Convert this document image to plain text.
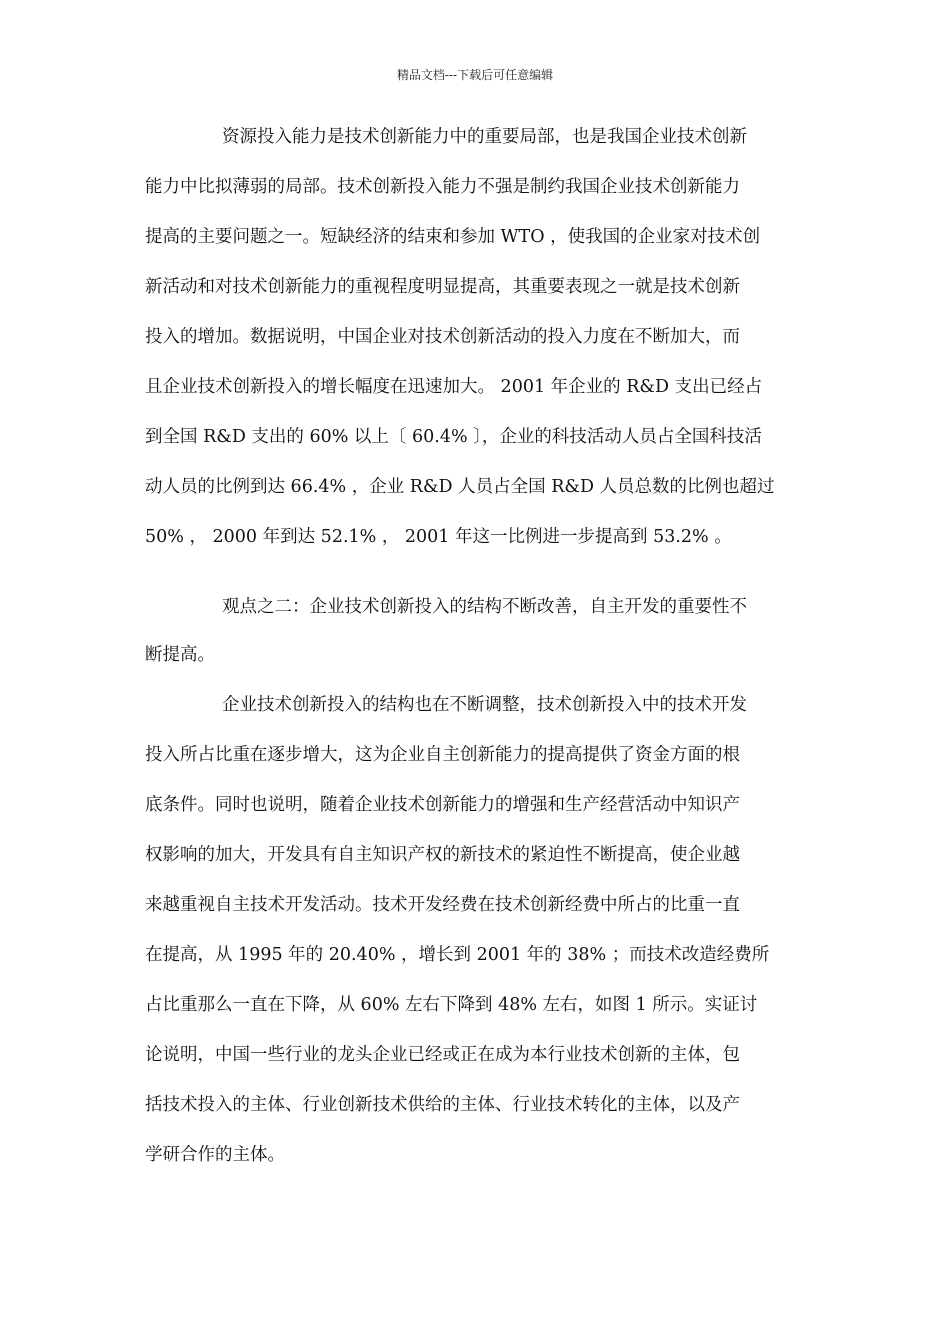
精品文档---下载后可任意编辑
资源投入能力是技术创新能力中的重要局部，也是我国企业技术创新
能力中比拟薄弱的局部。技术创新投入能力不强是制约我国企业技术创新能力
提高的主要问题之一。短缺经济的结束和参加 WTO ，使我国的企业家对技术创
新活动和对技术创新能力的重视程度明显提高，其重要表现之一就是技术创新
投入的增加。数据说明，中国企业对技术创新活动的投入力度在不断加大，而
且企业技术创新投入的增长幅度在迅速加大。 2001 年企业的 R&D 支出已经占
到全国 R&D 支出的 60% 以上〔 60.4% 〕，企业的科技活动人员占全国科技活
动人员的比例到达 66.4% ，企业 R&D 人员占全国 R&D 人员总数的比例也超过
50% ， 2000 年到达 52.1% ， 2001 年这一比例进一步提高到 53.2% 。
观点之二：企业技术创新投入的结构不断改善，自主开发的重要性不
断提高。
企业技术创新投入的结构也在不断调整，技术创新投入中的技术开发
投入所占比重在逐步增大，这为企业自主创新能力的提高提供了资金方面的根
底条件。同时也说明，随着企业技术创新能力的增强和生产经营活动中知识产
权影响的加大，开发具有自主知识产权的新技术的紧迫性不断提高，使企业越
来越重视自主技术开发活动。技术开发经费在技术创新经费中所占的比重一直
在提高，从 1995 年的 20.40% ，增长到 2001 年的 38% ；而技术改造经费所
占比重那么一直在下降，从 60% 左右下降到 48% 左右，如图 1 所示。实证讨
论说明，中国一些行业的龙头企业已经或正在成为本行业技术创新的主体，包
括技术投入的主体、行业创新技术供给的主体、行业技术转化的主体，以及产
学研合作的主体。
